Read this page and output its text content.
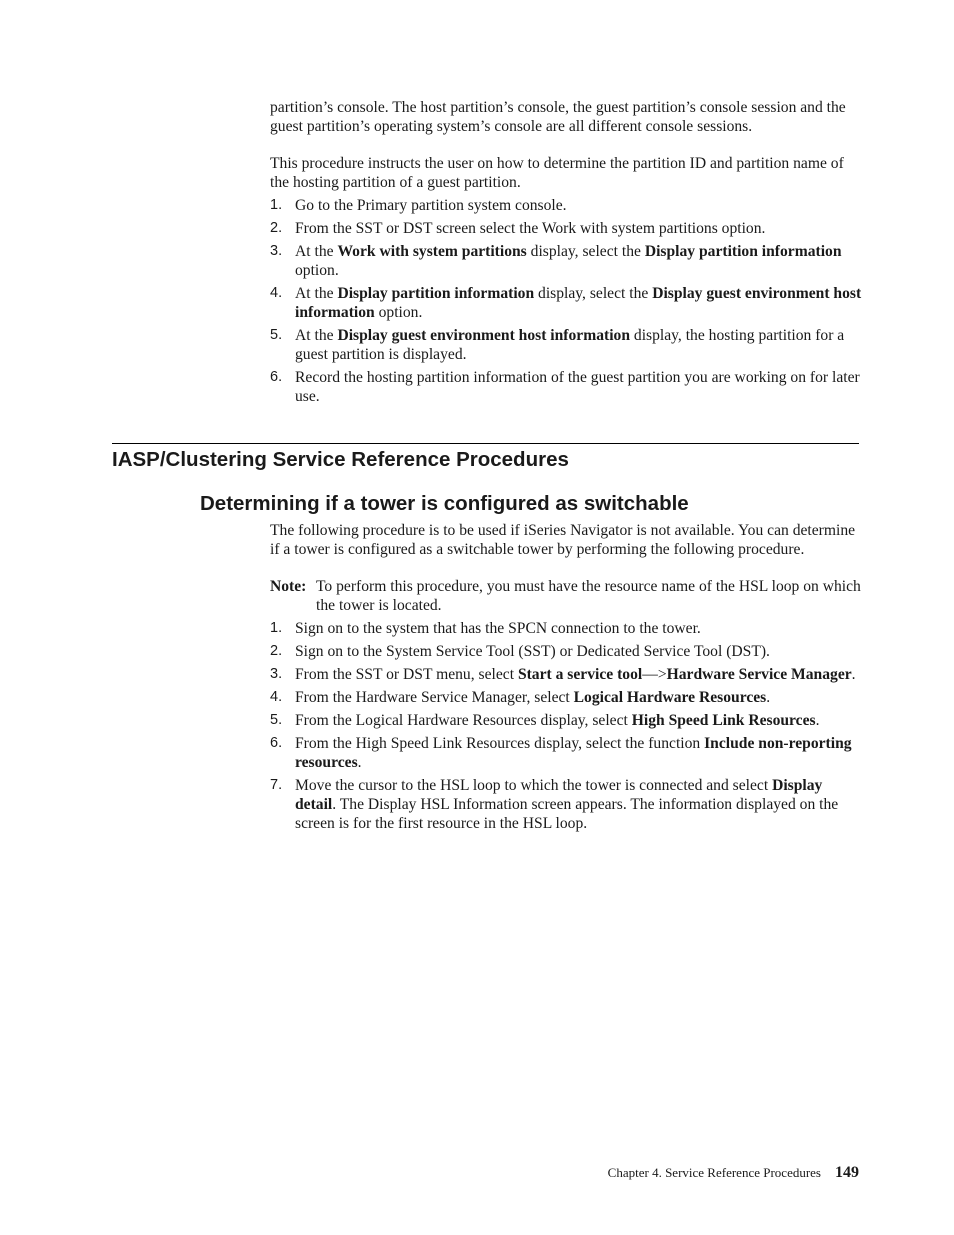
partition’s console. The host partition’s console, the guest partition’s console session and the guest partition’s operating system’s console are all different console sessions.

This procedure instructs the user on how to determine the partition ID and partition name of the hosting partition of a guest partition.

1. Go to the Primary partition system console.
2. From the SST or DST screen select the Work with system partitions option.
3. At the Work with system partitions display, select the Display partition information option.
4. At the Display partition information display, select the Display guest environment host information option.
5. At the Display guest environment host information display, the hosting partition for a guest partition is displayed.
6. Record the hosting partition information of the guest partition you are working on for later use.
IASP/Clustering Service Reference Procedures
Determining if a tower is configured as switchable

The following procedure is to be used if iSeries Navigator is not available. You can determine if a tower is configured as a switchable tower by performing the following procedure.

Note: To perform this procedure, you must have the resource name of the HSL loop on which the tower is located.
1. Sign on to the system that has the SPCN connection to the tower.
2. Sign on to the System Service Tool (SST) or Dedicated Service Tool (DST).
3. From the SST or DST menu, select Start a service tool—>Hardware Service Manager.
4. From the Hardware Service Manager, select Logical Hardware Resources.
5. From the Logical Hardware Resources display, select High Speed Link Resources.
6. From the High Speed Link Resources display, select the function Include non-reporting resources.
7. Move the cursor to the HSL loop to which the tower is connected and select Display detail. The Display HSL Information screen appears. The information displayed on the screen is for the first resource in the HSL loop.
Chapter 4. Service Reference Procedures 149
